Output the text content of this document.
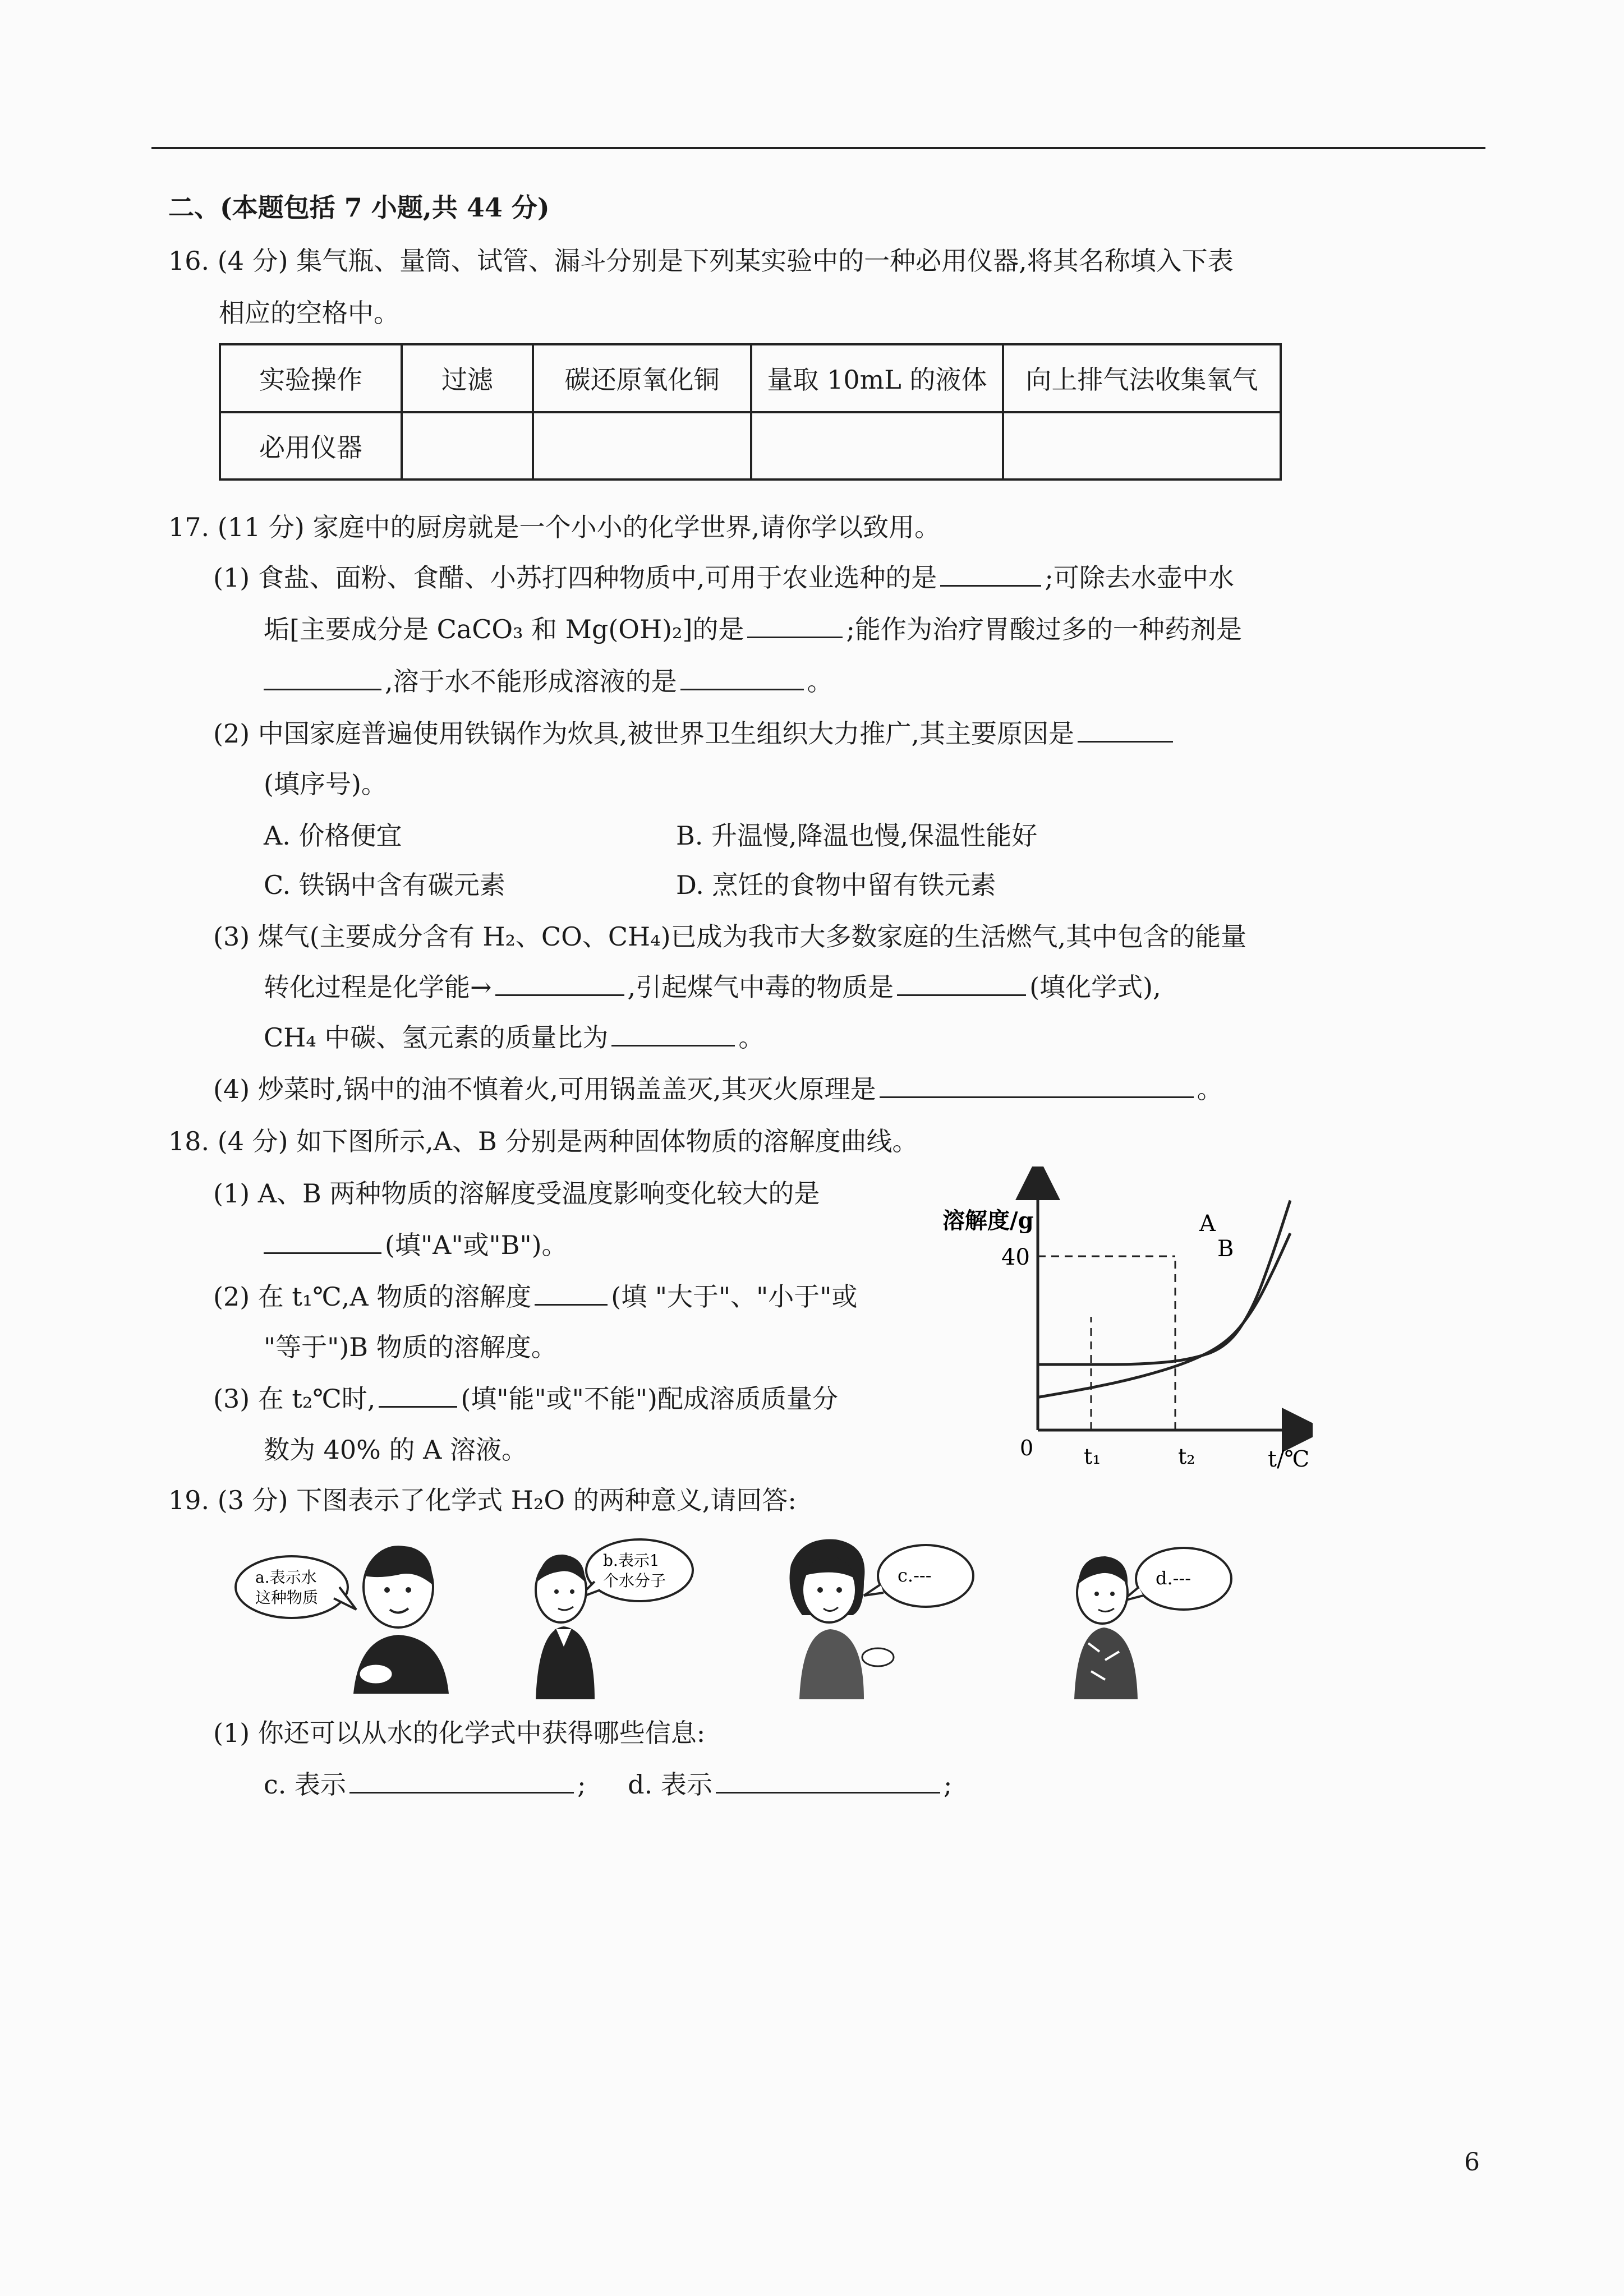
二、(本题包括 7 小题,共 44 分)
16. (4 分) 集气瓶、量筒、试管、漏斗分别是下列某实验中的一种必用仪器,将其名称填入下表
相应的空格中。
实验操作	过滤	碳还原氧化铜	量取 10mL 的液体	向上排气法收集氧气
必用仪器				
17. (11 分) 家庭中的厨房就是一个小小的化学世界,请你学以致用。
(1) 食盐、面粉、食醋、小苏打四种物质中,可用于农业选种的是	;可除去水壶中水
垢[主要成分是 CaCO₃ 和 Mg(OH)₂]的是	;能作为治疗胃酸过多的一种药剂是
,溶于水不能形成溶液的是	。
(2) 中国家庭普遍使用铁锅作为炊具,被世界卫生组织大力推广,其主要原因是
(填序号)。
A. 价格便宜	B. 升温慢,降温也慢,保温性能好
C. 铁锅中含有碳元素	D. 烹饪的食物中留有铁元素
(3) 煤气(主要成分含有 H₂、CO、CH₄)已成为我市大多数家庭的生活燃气,其中包含的能量
转化过程是化学能→	,引起煤气中毒的物质是	(填化学式),
CH₄ 中碳、氢元素的质量比为	。
(4) 炒菜时,锅中的油不慎着火,可用锅盖盖灭,其灭火原理是	。
18. (4 分) 如下图所示,A、B 分别是两种固体物质的溶解度曲线。
(1) A、B 两种物质的溶解度受温度影响变化较大的是
(填"A"或"B")。
(2) 在 t₁℃,A 物质的溶解度	(填 "大于"、"小于"或
"等于")B 物质的溶解度。
(3) 在 t₂℃时,	(填"能"或"不能")配成溶质质量分
数为 40% 的 A 溶液。
溶解度/g
t/℃
0
40
t₁	t₂
A
B
19. (3 分) 下图表示了化学式 H₂O 的两种意义,请回答:
a.表示水
这种物质
b.表示1
个水分子	c.---	d.---
(1) 你还可以从水的化学式中获得哪些信息:
c. 表示	; d. 表示	;
6
